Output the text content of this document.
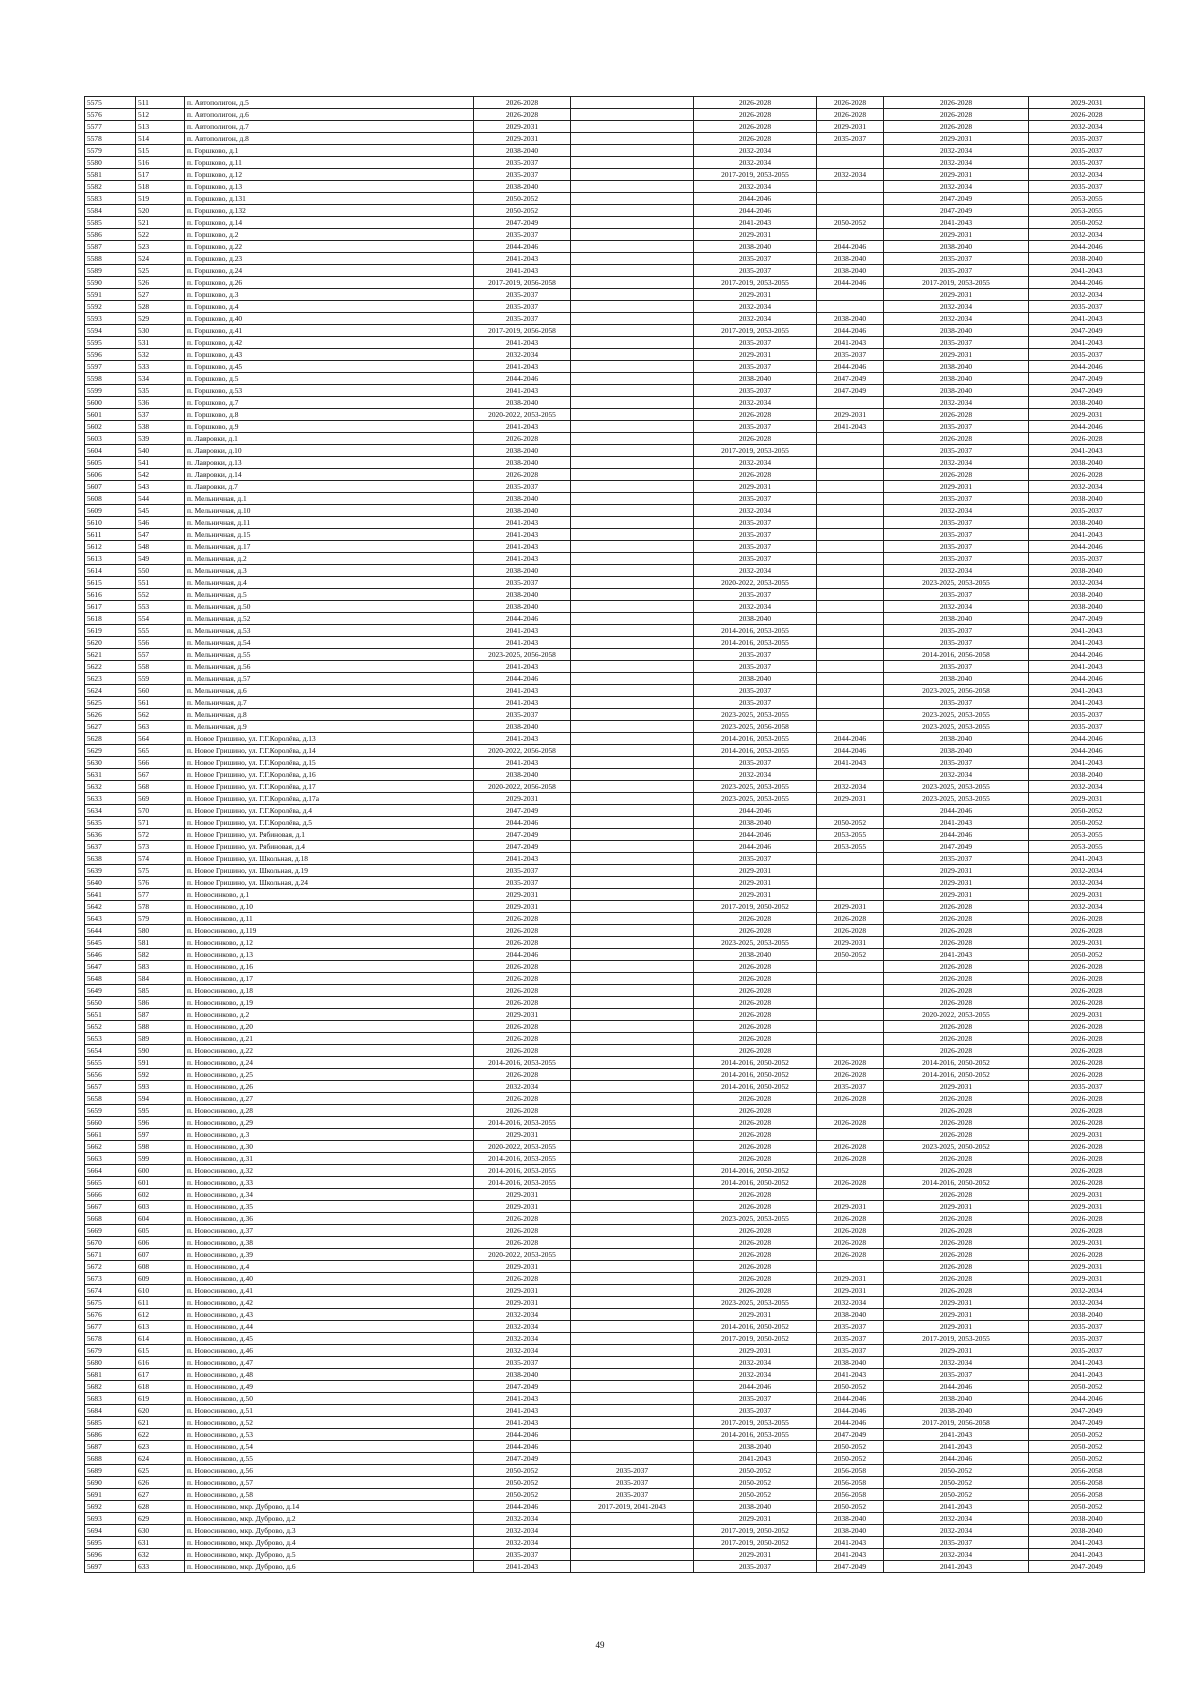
5575	511	п. Автополигон, д.5	2026-2028		2026-2028	2026-2028	2026-2028	2029-2031
5576	512	п. Автополигон, д.6	2026-2028		2026-2028	2026-2028	2026-2028	2026-2028
5577	513	п. Автополигон, д.7	2029-2031		2026-2028	2029-2031	2026-2028	2032-2034
5578	514	п. Автополигон, д.8	2029-2031		2026-2028	2035-2037	2029-2031	2035-2037
5579	515	п. Горшково, д.1	2038-2040		2032-2034		2032-2034	2035-2037
5580	516	п. Горшково, д.11	2035-2037		2032-2034		2032-2034	2035-2037
5581	517	п. Горшково, д.12	2035-2037		2017-2019, 2053-2055	2032-2034	2029-2031	2032-2034
5582	518	п. Горшково, д.13	2038-2040		2032-2034		2032-2034	2035-2037
5583	519	п. Горшково, д.131	2050-2052		2044-2046		2047-2049	2053-2055
5584	520	п. Горшково, д.132	2050-2052		2044-2046		2047-2049	2053-2055
5585	521	п. Горшково, д.14	2047-2049		2041-2043	2050-2052	2041-2043	2050-2052
5586	522	п. Горшково, д.2	2035-2037		2029-2031		2029-2031	2032-2034
5587	523	п. Горшково, д.22	2044-2046		2038-2040	2044-2046	2038-2040	2044-2046
5588	524	п. Горшково, д.23	2041-2043		2035-2037	2038-2040	2035-2037	2038-2040
5589	525	п. Горшково, д.24	2041-2043		2035-2037	2038-2040	2035-2037	2041-2043
5590	526	п. Горшково, д.26	2017-2019, 2056-2058		2017-2019, 2053-2055	2044-2046	2017-2019, 2053-2055	2044-2046
5591	527	п. Горшково, д.3	2035-2037		2029-2031		2029-2031	2032-2034
5592	528	п. Горшково, д.4	2035-2037		2032-2034		2032-2034	2035-2037
5593	529	п. Горшково, д.40	2035-2037		2032-2034	2038-2040	2032-2034	2041-2043
5594	530	п. Горшково, д.41	2017-2019, 2056-2058		2017-2019, 2053-2055	2044-2046	2038-2040	2047-2049
5595	531	п. Горшково, д.42	2041-2043		2035-2037	2041-2043	2035-2037	2041-2043
5596	532	п. Горшково, д.43	2032-2034		2029-2031	2035-2037	2029-2031	2035-2037
5597	533	п. Горшково, д.45	2041-2043		2035-2037	2044-2046	2038-2040	2044-2046
5598	534	п. Горшково, д.5	2044-2046		2038-2040	2047-2049	2038-2040	2047-2049
5599	535	п. Горшково, д.53	2041-2043		2035-2037	2047-2049	2038-2040	2047-2049
5600	536	п. Горшково, д.7	2038-2040		2032-2034		2032-2034	2038-2040
5601	537	п. Горшково, д.8	2020-2022, 2053-2055		2026-2028	2029-2031	2026-2028	2029-2031
5602	538	п. Горшково, д.9	2041-2043		2035-2037	2041-2043	2035-2037	2044-2046
5603	539	п. Лавровки, д.1	2026-2028		2026-2028		2026-2028	2026-2028
5604	540	п. Лавровки, д.10	2038-2040		2017-2019, 2053-2055		2035-2037	2041-2043
5605	541	п. Лавровки, д.13	2038-2040		2032-2034		2032-2034	2038-2040
5606	542	п. Лавровки, д.14	2026-2028		2026-2028		2026-2028	2026-2028
5607	543	п. Лавровки, д.7	2035-2037		2029-2031		2029-2031	2032-2034
5608	544	п. Мельничная, д.1	2038-2040		2035-2037		2035-2037	2038-2040
5609	545	п. Мельничная, д.10	2038-2040		2032-2034		2032-2034	2035-2037
5610	546	п. Мельничная, д.11	2041-2043		2035-2037		2035-2037	2038-2040
5611	547	п. Мельничная, д.15	2041-2043		2035-2037		2035-2037	2041-2043
5612	548	п. Мельничная, д.17	2041-2043		2035-2037		2035-2037	2044-2046
5613	549	п. Мельничная, д.2	2041-2043		2035-2037		2035-2037	2035-2037
5614	550	п. Мельничная, д.3	2038-2040		2032-2034		2032-2034	2038-2040
5615	551	п. Мельничная, д.4	2035-2037		2020-2022, 2053-2055		2023-2025, 2053-2055	2032-2034
5616	552	п. Мельничная, д.5	2038-2040		2035-2037		2035-2037	2038-2040
5617	553	п. Мельничная, д.50	2038-2040		2032-2034		2032-2034	2038-2040
5618	554	п. Мельничная, д.52	2044-2046		2038-2040		2038-2040	2047-2049
5619	555	п. Мельничная, д.53	2041-2043		2014-2016, 2053-2055		2035-2037	2041-2043
5620	556	п. Мельничная, д.54	2041-2043		2014-2016, 2053-2055		2035-2037	2041-2043
5621	557	п. Мельничная, д.55	2023-2025, 2056-2058		2035-2037		2014-2016, 2056-2058	2044-2046
5622	558	п. Мельничная, д.56	2041-2043		2035-2037		2035-2037	2041-2043
5623	559	п. Мельничная, д.57	2044-2046		2038-2040		2038-2040	2044-2046
5624	560	п. Мельничная, д.6	2041-2043		2035-2037		2023-2025, 2056-2058	2041-2043
5625	561	п. Мельничная, д.7	2041-2043		2035-2037		2035-2037	2041-2043
5626	562	п. Мельничная, д.8	2035-2037		2023-2025, 2053-2055		2023-2025, 2053-2055	2035-2037
5627	563	п. Мельничная, д.9	2038-2040		2023-2025, 2056-2058		2023-2025, 2053-2055	2035-2037
5628	564	п. Новое Гришино, ул. Г.Г.Королёва, д.13	2041-2043		2014-2016, 2053-2055	2044-2046	2038-2040	2044-2046
5629	565	п. Новое Гришино, ул. Г.Г.Королёва, д.14	2020-2022, 2056-2058		2014-2016, 2053-2055	2044-2046	2038-2040	2044-2046
5630	566	п. Новое Гришино, ул. Г.Г.Королёва, д.15	2041-2043		2035-2037	2041-2043	2035-2037	2041-2043
5631	567	п. Новое Гришино, ул. Г.Г.Королёва, д.16	2038-2040		2032-2034		2032-2034	2038-2040
5632	568	п. Новое Гришино, ул. Г.Г.Королёва, д.17	2020-2022, 2056-2058		2023-2025, 2053-2055	2032-2034	2023-2025, 2053-2055	2032-2034
5633	569	п. Новое Гришино, ул. Г.Г.Королёва, д.17а	2029-2031		2023-2025, 2053-2055	2029-2031	2023-2025, 2053-2055	2029-2031
5634	570	п. Новое Гришино, ул. Г.Г.Королёва, д.4	2047-2049		2044-2046		2044-2046	2050-2052
5635	571	п. Новое Гришино, ул. Г.Г.Королёва, д.5	2044-2046		2038-2040	2050-2052	2041-2043	2050-2052
5636	572	п. Новое Гришино, ул. Рябиновая, д.1	2047-2049		2044-2046	2053-2055	2044-2046	2053-2055
5637	573	п. Новое Гришино, ул. Рябиновая, д.4	2047-2049		2044-2046	2053-2055	2047-2049	2053-2055
5638	574	п. Новое Гришино, ул. Школьная, д.18	2041-2043		2035-2037		2035-2037	2041-2043
5639	575	п. Новое Гришино, ул. Школьная, д.19	2035-2037		2029-2031		2029-2031	2032-2034
5640	576	п. Новое Гришино, ул. Школьная, д.24	2035-2037		2029-2031		2029-2031	2032-2034
5641	577	п. Новосинково, д.1	2029-2031		2029-2031		2029-2031	2029-2031
5642	578	п. Новосинково, д.10	2029-2031		2017-2019, 2050-2052	2029-2031	2026-2028	2032-2034
5643	579	п. Новосинково, д.11	2026-2028		2026-2028	2026-2028	2026-2028	2026-2028
5644	580	п. Новосинково, д.119	2026-2028		2026-2028	2026-2028	2026-2028	2026-2028
5645	581	п. Новосинково, д.12	2026-2028		2023-2025, 2053-2055	2029-2031	2026-2028	2029-2031
5646	582	п. Новосинково, д.13	2044-2046		2038-2040	2050-2052	2041-2043	2050-2052
5647	583	п. Новосинково, д.16	2026-2028		2026-2028		2026-2028	2026-2028
5648	584	п. Новосинково, д.17	2026-2028		2026-2028		2026-2028	2026-2028
5649	585	п. Новосинково, д.18	2026-2028		2026-2028		2026-2028	2026-2028
5650	586	п. Новосинково, д.19	2026-2028		2026-2028		2026-2028	2026-2028
5651	587	п. Новосинково, д.2	2029-2031		2026-2028		2020-2022, 2053-2055	2029-2031
5652	588	п. Новосинково, д.20	2026-2028		2026-2028		2026-2028	2026-2028
5653	589	п. Новосинково, д.21	2026-2028		2026-2028		2026-2028	2026-2028
5654	590	п. Новосинково, д.22	2026-2028		2026-2028		2026-2028	2026-2028
5655	591	п. Новосинково, д.24	2014-2016, 2053-2055		2014-2016, 2050-2052	2026-2028	2014-2016, 2050-2052	2026-2028
5656	592	п. Новосинково, д.25	2026-2028		2014-2016, 2050-2052	2026-2028	2014-2016, 2050-2052	2026-2028
5657	593	п. Новосинково, д.26	2032-2034		2014-2016, 2050-2052	2035-2037	2029-2031	2035-2037
5658	594	п. Новосинково, д.27	2026-2028		2026-2028	2026-2028	2026-2028	2026-2028
5659	595	п. Новосинково, д.28	2026-2028		2026-2028		2026-2028	2026-2028
5660	596	п. Новосинково, д.29	2014-2016, 2053-2055		2026-2028	2026-2028	2026-2028	2026-2028
5661	597	п. Новосинково, д.3	2029-2031		2026-2028		2026-2028	2029-2031
5662	598	п. Новосинково, д.30	2020-2022, 2053-2055		2026-2028	2026-2028	2023-2025, 2050-2052	2026-2028
5663	599	п. Новосинково, д.31	2014-2016, 2053-2055		2026-2028	2026-2028	2026-2028	2026-2028
5664	600	п. Новосинково, д.32	2014-2016, 2053-2055		2014-2016, 2050-2052		2026-2028	2026-2028
5665	601	п. Новосинково, д.33	2014-2016, 2053-2055		2014-2016, 2050-2052	2026-2028	2014-2016, 2050-2052	2026-2028
5666	602	п. Новосинково, д.34	2029-2031		2026-2028		2026-2028	2029-2031
5667	603	п. Новосинково, д.35	2029-2031		2026-2028	2029-2031	2029-2031	2029-2031
5668	604	п. Новосинково, д.36	2026-2028		2023-2025, 2053-2055	2026-2028	2026-2028	2026-2028
5669	605	п. Новосинково, д.37	2026-2028		2026-2028	2026-2028	2026-2028	2026-2028
5670	606	п. Новосинково, д.38	2026-2028		2026-2028	2026-2028	2026-2028	2029-2031
5671	607	п. Новосинково, д.39	2020-2022, 2053-2055		2026-2028	2026-2028	2026-2028	2026-2028
5672	608	п. Новосинково, д.4	2029-2031		2026-2028		2026-2028	2029-2031
5673	609	п. Новосинково, д.40	2026-2028		2026-2028	2029-2031	2026-2028	2029-2031
5674	610	п. Новосинково, д.41	2029-2031		2026-2028	2029-2031	2026-2028	2032-2034
5675	611	п. Новосинково, д.42	2029-2031		2023-2025, 2053-2055	2032-2034	2029-2031	2032-2034
5676	612	п. Новосинково, д.43	2032-2034		2029-2031	2038-2040	2029-2031	2038-2040
5677	613	п. Новосинково, д.44	2032-2034		2014-2016, 2050-2052	2035-2037	2029-2031	2035-2037
5678	614	п. Новосинково, д.45	2032-2034		2017-2019, 2050-2052	2035-2037	2017-2019, 2053-2055	2035-2037
5679	615	п. Новосинково, д.46	2032-2034		2029-2031	2035-2037	2029-2031	2035-2037
5680	616	п. Новосинково, д.47	2035-2037		2032-2034	2038-2040	2032-2034	2041-2043
5681	617	п. Новосинково, д.48	2038-2040		2032-2034	2041-2043	2035-2037	2041-2043
5682	618	п. Новосинково, д.49	2047-2049		2044-2046	2050-2052	2044-2046	2050-2052
5683	619	п. Новосинково, д.50	2041-2043		2035-2037	2044-2046	2038-2040	2044-2046
5684	620	п. Новосинково, д.51	2041-2043		2035-2037	2044-2046	2038-2040	2047-2049
5685	621	п. Новосинково, д.52	2041-2043		2017-2019, 2053-2055	2044-2046	2017-2019, 2056-2058	2047-2049
5686	622	п. Новосинково, д.53	2044-2046		2014-2016, 2053-2055	2047-2049	2041-2043	2050-2052
5687	623	п. Новосинково, д.54	2044-2046		2038-2040	2050-2052	2041-2043	2050-2052
5688	624	п. Новосинково, д.55	2047-2049		2041-2043	2050-2052	2044-2046	2050-2052
5689	625	п. Новосинково, д.56	2050-2052	2035-2037	2050-2052	2056-2058	2050-2052	2056-2058
5690	626	п. Новосинково, д.57	2050-2052	2035-2037	2050-2052	2056-2058	2050-2052	2056-2058
5691	627	п. Новосинково, д.58	2050-2052	2035-2037	2050-2052	2056-2058	2050-2052	2056-2058
5692	628	п. Новосинково, мкр. Дуброво, д.14	2044-2046	2017-2019, 2041-2043	2038-2040	2050-2052	2041-2043	2050-2052
5693	629	п. Новосинково, мкр. Дуброво, д.2	2032-2034		2029-2031	2038-2040	2032-2034	2038-2040
5694	630	п. Новосинково, мкр. Дуброво, д.3	2032-2034		2017-2019, 2050-2052	2038-2040	2032-2034	2038-2040
5695	631	п. Новосинково, мкр. Дуброво, д.4	2032-2034		2017-2019, 2050-2052	2041-2043	2035-2037	2041-2043
5696	632	п. Новосинково, мкр. Дуброво, д.5	2035-2037		2029-2031	2041-2043	2032-2034	2041-2043
5697	633	п. Новосинково, мкр. Дуброво, д.6	2041-2043		2035-2037	2047-2049	2041-2043	2047-2049
49
